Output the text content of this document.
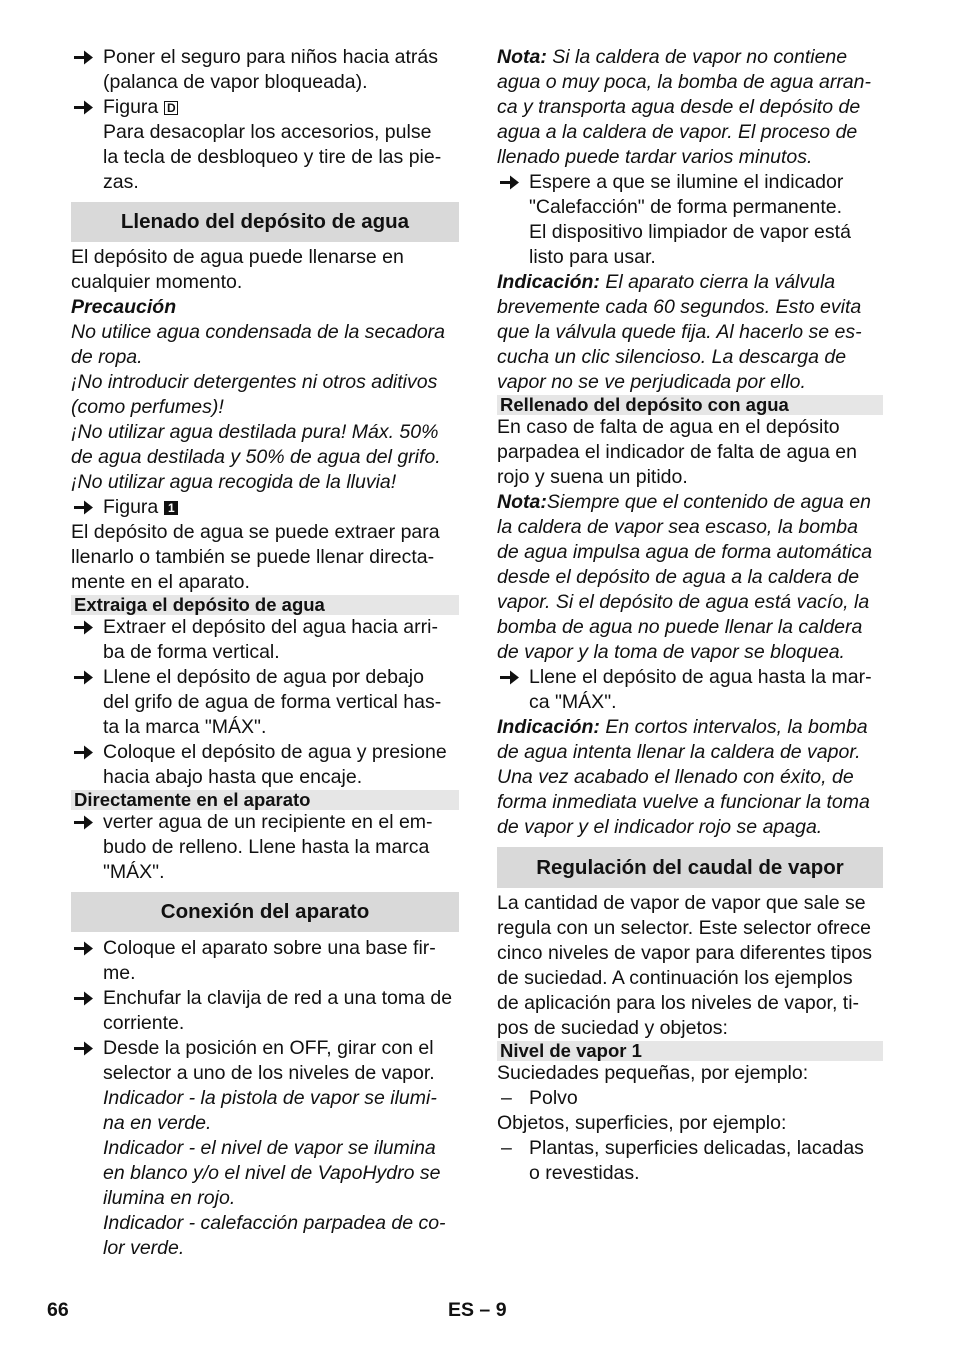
Poner el seguro para niños hacia atrás
(palanca de vapor bloqueada).
Figura D
Para desacoplar los accesorios, pulse
la tecla de desbloqueo y tire de las pie-
zas.
Llenado del depósito de agua
El depósito de agua puede llenarse en
cualquier momento.
Precaución
No utilice agua condensada de la secadora
de ropa.
¡No introducir detergentes ni otros aditivos
(como perfumes)!
¡No utilizar agua destilada pura! Máx. 50%
de agua destilada y 50% de agua del grifo.
¡No utilizar agua recogida de la lluvia!
Figura 1
El depósito de agua se puede extraer para
llenarlo o también se puede llenar directa-
mente en el aparato.
Extraiga el depósito de agua
Extraer el depósito del agua hacia arri-
ba de forma vertical.
Llene el depósito de agua por debajo
del grifo de agua de forma vertical has-
ta la marca "MÁX".
Coloque el depósito de agua y presione
hacia abajo hasta que encaje.
Directamente en el aparato
verter agua de un recipiente en el em-
budo de relleno. Llene hasta la marca
"MÁX".
Conexión del aparato
Coloque el aparato sobre una base fir-
me.
Enchufar la clavija de red a una toma de
corriente.
Desde la posición en OFF, girar con el
selector a uno de los niveles de vapor.
Indicador - la pistola de vapor se ilumi-
na en verde.
Indicador - el nivel de vapor se ilumina
en blanco y/o el nivel de VapoHydro se
ilumina en rojo.
Indicador - calefacción parpadea de co-
lor verde.
Nota: Si la caldera de vapor no contiene
agua o muy poca, la bomba de agua arran-
ca y transporta agua desde el depósito de
agua a la caldera de vapor. El proceso de
llenado puede tardar varios minutos.
Espere a que se ilumine el indicador
"Calefacción" de forma permanente.
El dispositivo limpiador de vapor está
listo para usar.
Indicación: El aparato cierra la válvula
brevemente cada 60 segundos. Esto evita
que la válvula quede fija. Al hacerlo se es-
cucha un clic silencioso. La descarga de
vapor no se ve perjudicada por ello.
Rellenado del depósito con agua
En caso de falta de agua en el depósito
parpadea el indicador de falta de agua en
rojo y suena un pitido.
Nota:Siempre que el contenido de agua en
la caldera de vapor sea escaso, la bomba
de agua impulsa agua de forma automática
desde el depósito de agua a la caldera de
vapor. Si el depósito de agua está vacío, la
bomba de agua no puede llenar la caldera
de vapor y la toma de vapor se bloquea.
Llene el depósito de agua hasta la mar-
ca "MÁX".
Indicación: En cortos intervalos, la bomba
de agua intenta llenar la caldera de vapor.
Una vez acabado el llenado con éxito, de
forma inmediata vuelve a funcionar la toma
de vapor y el indicador rojo se apaga.
Regulación del caudal de vapor
La cantidad de vapor de vapor que sale se
regula con un selector. Este selector ofrece
cinco niveles de vapor para diferentes tipos
de suciedad. A continuación los ejemplos
de aplicación para los niveles de vapor, ti-
pos de suciedad y objetos:
Nivel de vapor 1
Suciedades pequeñas, por ejemplo:
– Polvo
Objetos, superficies, por ejemplo:
– Plantas, superficies delicadas, lacadas
o revestidas.
66	ES – 9
